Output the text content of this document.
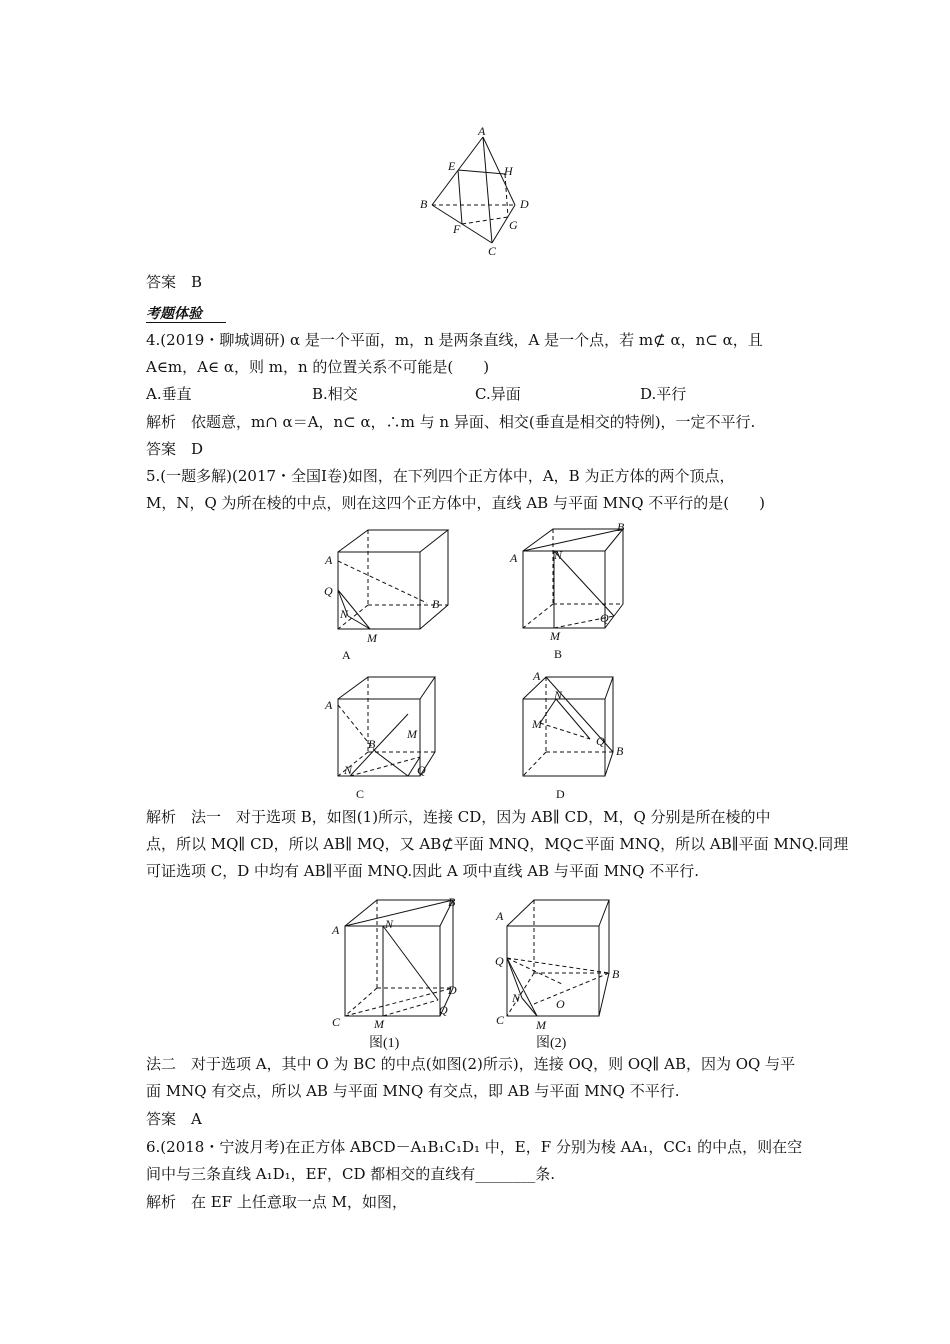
A
E	H
B	D
F	G
C
答案　B
考题体验
4.(2019・聊城调研) α 是一个平面，m，n 是两条直线，A 是一个点，若 m⊄ α，n⊂ α，且
A∈m，A∈ α，则 m，n 的位置关系不可能是(　　)
A.垂直	B.相交	C.异面	D.平行
解析　依题意，m∩ α＝A，n⊂ α，∴m 与 n 异面、相交(垂直是相交的特例)，一定不平行.
答案　D
5.(一题多解)(2017・全国Ⅰ卷)如图，在下列四个正方体中，A，B 为正方体的两个顶点，
M，N，Q 为所在棱的中点，则在这四个正方体中，直线 AB 与平面 MNQ 不平行的是(　　)
A
B
Q
N
M
A
A
B
N
Q
M
B
A
B
M
N	Q
C
A
N
M
Q
B
D
解析　法一　对于选项 B，如图(1)所示，连接 CD，因为 AB∥ CD，M，Q 分别是所在棱的中
点，所以 MQ∥ CD，所以 AB∥ MQ，又 AB⊄平面 MNQ，MQ⊂平面 MNQ，所以 AB∥平面 MNQ.同理
可证选项 C，D 中均有 AB∥平面 MNQ.因此 A 项中直线 AB 与平面 MNQ 不平行.
A
B
N
D
Q
C	M
图(1)
A
Q
B
N	O
C	M
图(2)
法二　对于选项 A，其中 O 为 BC 的中点(如图(2)所示)，连接 OQ，则 OQ∥ AB，因为 OQ 与平
面 MNQ 有交点，所以 AB 与平面 MNQ 有交点，即 AB 与平面 MNQ 不平行.
答案　A
6.(2018・宁波月考)在正方体 ABCD－A₁B₁C₁D₁ 中，E，F 分别为棱 AA₁，CC₁ 的中点，则在空
间中与三条直线 A₁D₁，EF，CD 都相交的直线有________条.
解析　在 EF 上任意取一点 M，如图，
